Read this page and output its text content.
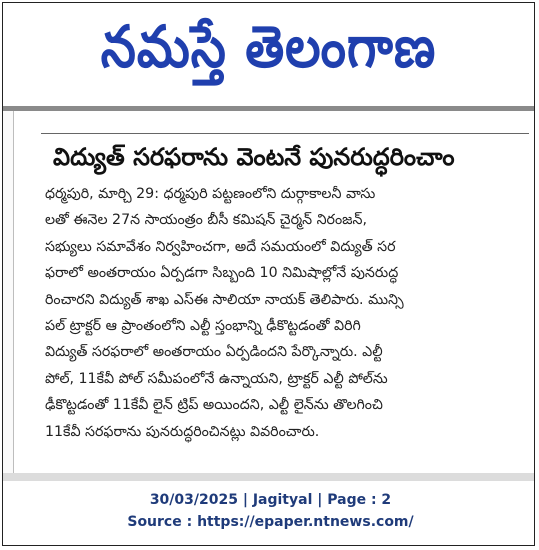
నమస్తే తెలంగాణ
విద్యుత్ సరఫరాను వెంటనే పునరుద్ధరించాం
ధర్మపురి, మార్చి 29: ధర్మపురి పట్టణంలోని దుర్గాకాలనీ వాసు
లతో ఈనెల 27న సాయంత్రం బీసీ కమిషన్ చైర్మన్ నిరంజన్,
సభ్యులు సమావేశం నిర్వహించగా, అదే సమయంలో విద్యుత్ సర
ఫరాలో అంతరాయం ఏర్పడగా సిబ్బంది 10 నిమిషాల్లోనే పునరుద్ధ
రించారని విద్యుత్ శాఖ ఎస్ఈ సాలియా నాయక్ తెలిపారు. మున్సి
పల్ ట్రాక్టర్ ఆ ప్రాంతంలోని ఎల్టీ స్తంభాన్ని ఢీకొట్టడంతో విరిగి
విద్యుత్ సరఫరాలో అంతరాయం ఏర్పడిందని పేర్కొన్నారు. ఎల్టీ
పోల్, 11కేవీ పోల్ సమీపంలోనే ఉన్నాయని, ట్రాక్టర్ ఎల్టీ పోల్‌ను
ఢీకొట్టడంతో 11కేవీ లైన్ ట్రిప్ అయిందని, ఎల్టీ లైన్‌ను తొలగించి
11కేవీ సరఫరాను పునరుద్ధరించినట్లు వివరించారు.
30/03/2025 | Jagityal | Page : 2
Source : https://epaper.ntnews.com/
